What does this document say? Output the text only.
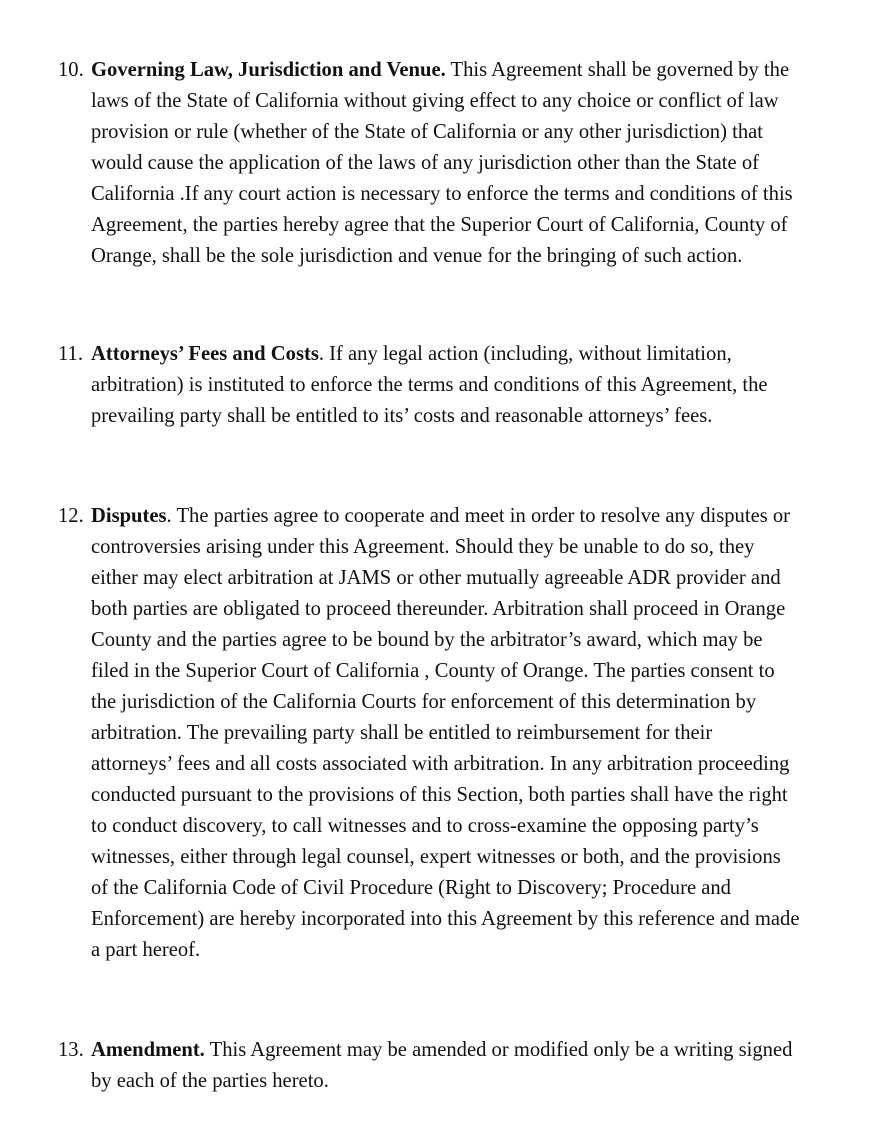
10. Governing Law, Jurisdiction and Venue. This Agreement shall be governed by the
laws of the State of California without giving effect to any choice or conflict of law
provision or rule (whether of the State of California or any other jurisdiction) that
would cause the application of the laws of any jurisdiction other than the State of
California .If any court action is necessary to enforce the terms and conditions of this
Agreement, the parties hereby agree that the Superior Court of California, County of
Orange, shall be the sole jurisdiction and venue for the bringing of such action.
11. Attorneys’ Fees and Costs. If any legal action (including, without limitation,
arbitration) is instituted to enforce the terms and conditions of this Agreement, the
prevailing party shall be entitled to its’ costs and reasonable attorneys’ fees.
12. Disputes. The parties agree to cooperate and meet in order to resolve any disputes or
controversies arising under this Agreement. Should they be unable to do so, they
either may elect arbitration at JAMS or other mutually agreeable ADR provider and
both parties are obligated to proceed thereunder. Arbitration shall proceed in Orange
County and the parties agree to be bound by the arbitrator’s award, which may be
filed in the Superior Court of California , County of Orange. The parties consent to
the jurisdiction of the California Courts for enforcement of this determination by
arbitration. The prevailing party shall be entitled to reimbursement for their
attorneys’ fees and all costs associated with arbitration. In any arbitration proceeding
conducted pursuant to the provisions of this Section, both parties shall have the right
to conduct discovery, to call witnesses and to cross-examine the opposing party’s
witnesses, either through legal counsel, expert witnesses or both, and the provisions
of the California Code of Civil Procedure (Right to Discovery; Procedure and
Enforcement) are hereby incorporated into this Agreement by this reference and made
a part hereof.
13. Amendment. This Agreement may be amended or modified only be a writing signed
by each of the parties hereto.
